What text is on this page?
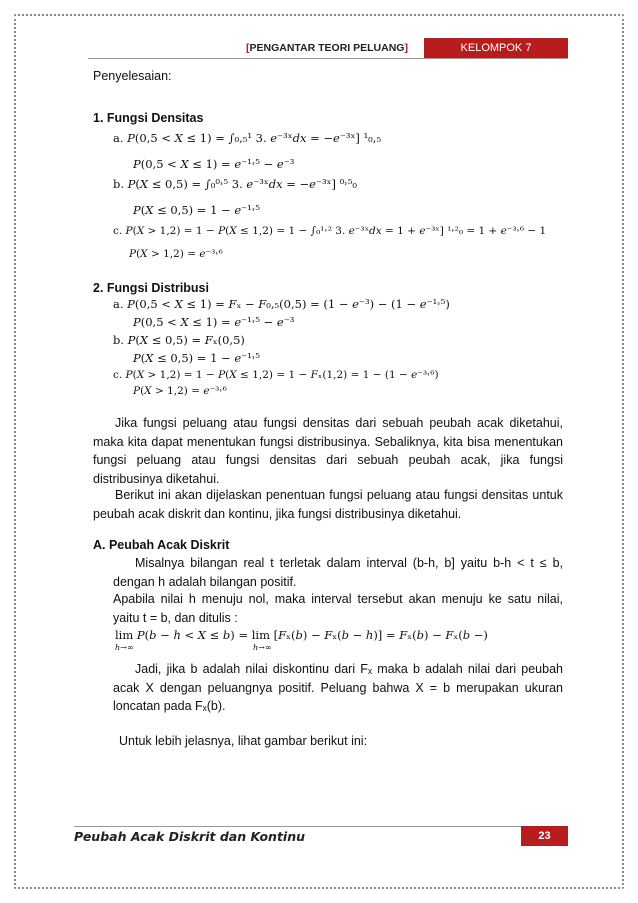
[PENGANTAR TEORI PELUANG]	KELOMPOK 7
Penyelesaian:
1. Fungsi Densitas
a. 𝑃(0,5 < 𝑋 ≤ 1) = ∫₀,₅¹ 3. 𝑒⁻³ˣ𝑑𝑥 = −𝑒⁻³ˣ] ¹₀,₅
𝑃(0,5 < 𝑋 ≤ 1) = 𝑒⁻¹˒⁵ − 𝑒⁻³
b. 𝑃(𝑋 ≤ 0,5) = ∫₀⁰˒⁵ 3. 𝑒⁻³ˣ𝑑𝑥 = −𝑒⁻³ˣ] ⁰˒⁵₀
𝑃(𝑋 ≤ 0,5) = 1 − 𝑒⁻¹˒⁵
c. 𝑃(𝑋 > 1,2) = 1 − 𝑃(𝑋 ≤ 1,2) = 1 − ∫₀¹˒² 3. 𝑒⁻³ˣ𝑑𝑥 = 1 + 𝑒⁻³ˣ] ¹˒²₀ = 1 + 𝑒⁻³˒⁶ − 1
𝑃(𝑋 > 1,2) = 𝑒⁻³˒⁶
2. Fungsi Distribusi
a. 𝑃(0,5 < 𝑋 ≤ 1) = 𝐹ₓ − 𝐹₀,₅(0,5) = (1 − 𝑒⁻³) − (1 − 𝑒⁻¹˒⁵)
𝑃(0,5 < 𝑋 ≤ 1) = 𝑒⁻¹˒⁵ − 𝑒⁻³
b. 𝑃(𝑋 ≤ 0,5) = 𝐹ₓ(0,5)
𝑃(𝑋 ≤ 0,5) = 1 − 𝑒⁻¹˒⁵
c. 𝑃(𝑋 > 1,2) = 1 − 𝑃(𝑋 ≤ 1,2) = 1 − 𝐹ₓ(1,2) = 1 − (1 − 𝑒⁻³˒⁶)
𝑃(𝑋 > 1,2) = 𝑒⁻³˒⁶
Jika fungsi peluang atau fungsi densitas dari sebuah peubah acak diketahui, maka kita dapat menentukan fungsi distribusinya. Sebaliknya, kita bisa menentukan fungsi peluang atau fungsi densitas dari sebuah peubah acak, jika fungsi distribusinya diketahui.
Berikut ini akan dijelaskan penentuan fungsi peluang atau fungsi densitas untuk peubah acak diskrit dan kontinu, jika fungsi distribusinya diketahui.
A. Peubah Acak Diskrit
Misalnya bilangan real t terletak dalam interval (b-h, b] yaitu b-h < t ≤ b, dengan h adalah bilangan positif.
Apabila nilai h menuju nol, maka interval tersebut akan menuju ke satu nilai, yaitu t = b, dan ditulis :
lim 𝑃(𝑏 − ℎ < 𝑋 ≤ 𝑏) = lim [𝐹ₓ(𝑏) − 𝐹ₓ(𝑏 − ℎ)] = 𝐹ₓ(𝑏) − 𝐹ₓ(𝑏 −)
ℎ→∞	ℎ→∞
Jadi, jika b adalah nilai diskontinu dari Fₓ maka b adalah nilai dari peubah acak X dengan peluangnya positif. Peluang bahwa X = b merupakan ukuran loncatan pada Fₓ(b).
Untuk lebih jelasnya, lihat gambar berikut ini:
Peubah Acak Diskrit dan Kontinu	23
